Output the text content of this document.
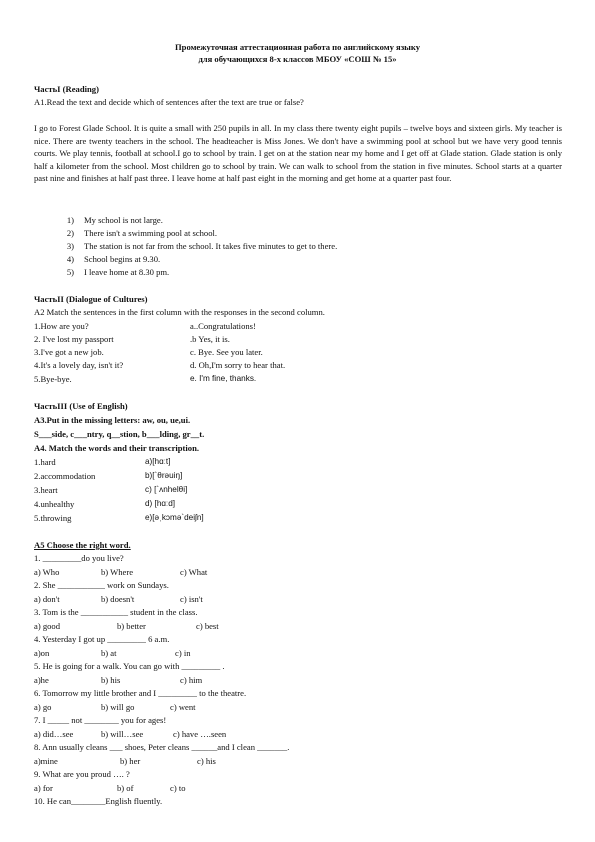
Промежуточная аттестационная работа по английскому языку
для обучающихся 8-х классов МБОУ «СОШ № 15»
ЧастьI (Reading)
A1.Read the text and decide which of sentences after the text are true or false?
I go to Forest Glade School. It is quite a small with 250 pupils in all. In my class there twenty eight pupils – twelve boys and sixteen girls. My teacher is nice. There are twenty teachers in the school. The headteacher is Miss Jones. We don't have a swimming pool at school but we have very good tennis courts. We play tennis, football at school.I go to school by train. I get on at the station near my home and I get off at Glade station. Glade station is only half a kilometer from the school. Most children go to school by train. We can walk to school from the station in five minutes. School starts at a quarter past nine and finishes at half past three. I leave home at half past eight in the morning and get home at a quarter past four.
1) My school is not large.
2) There isn't a swimming pool at school.
3) The station is not far from the school. It takes five minutes to get to there.
4) School begins at 9.30.
5) I leave home at 8.30 pm.
ЧастьII (Dialogue of Cultures)
A2 Match the sentences in the first column with the responses in the second column.
1.How are you?	a..Congratulations!
2. I've lost my passport	.b Yes, it is.
3.I've got a new job.	c. Bye. See you later.
4.It's a lovely day, isn't it?	d. Oh,I'm sorry to hear that.
5.Bye-bye.	e. I'm fine, thanks.
ЧастьIII (Use of English)
A3.Put in the missing letters: aw, ou, ue,ui.
S___side, c___ntry, q__stion, b___lding, gr__t.
A4. Match the words and their transcription.
1.hard	a)[hɑːt]
2.accommodation	b)[`θrəuiŋ]
3.heart	c) [`ʌnhelθi]
4.unhealthy	d) [hɑːd]
5.throwing	e)[əˌkɔmə`deiʃn]
A5 Choose the right word.
1. _________do you live?
a) Who	b) Where	c) What
2. She ___________ work on Sundays.
a) don't	b) doesn't	c) isn't
3. Tom is the ___________ student in the class.
a) good	b) better	c) best
4. Yesterday I got up _________ 6 a.m.
a)on	b) at	c) in
5. He is going for a walk. You can go with _________ .
a)he	b) his	c) him
6. Tomorrow my little brother and I _________ to the theatre.
a) go	b) will go	c) went
7. I _____ not ________ you for ages!
a) did…see	b) will…see	c) have ….seen
8. Ann usually cleans ___ shoes, Peter cleans ______and I clean _______.
a)mine	b) her	c) his
9. What are you proud …. ?
a) for	b) of	c) to
10. He can________English fluently.
